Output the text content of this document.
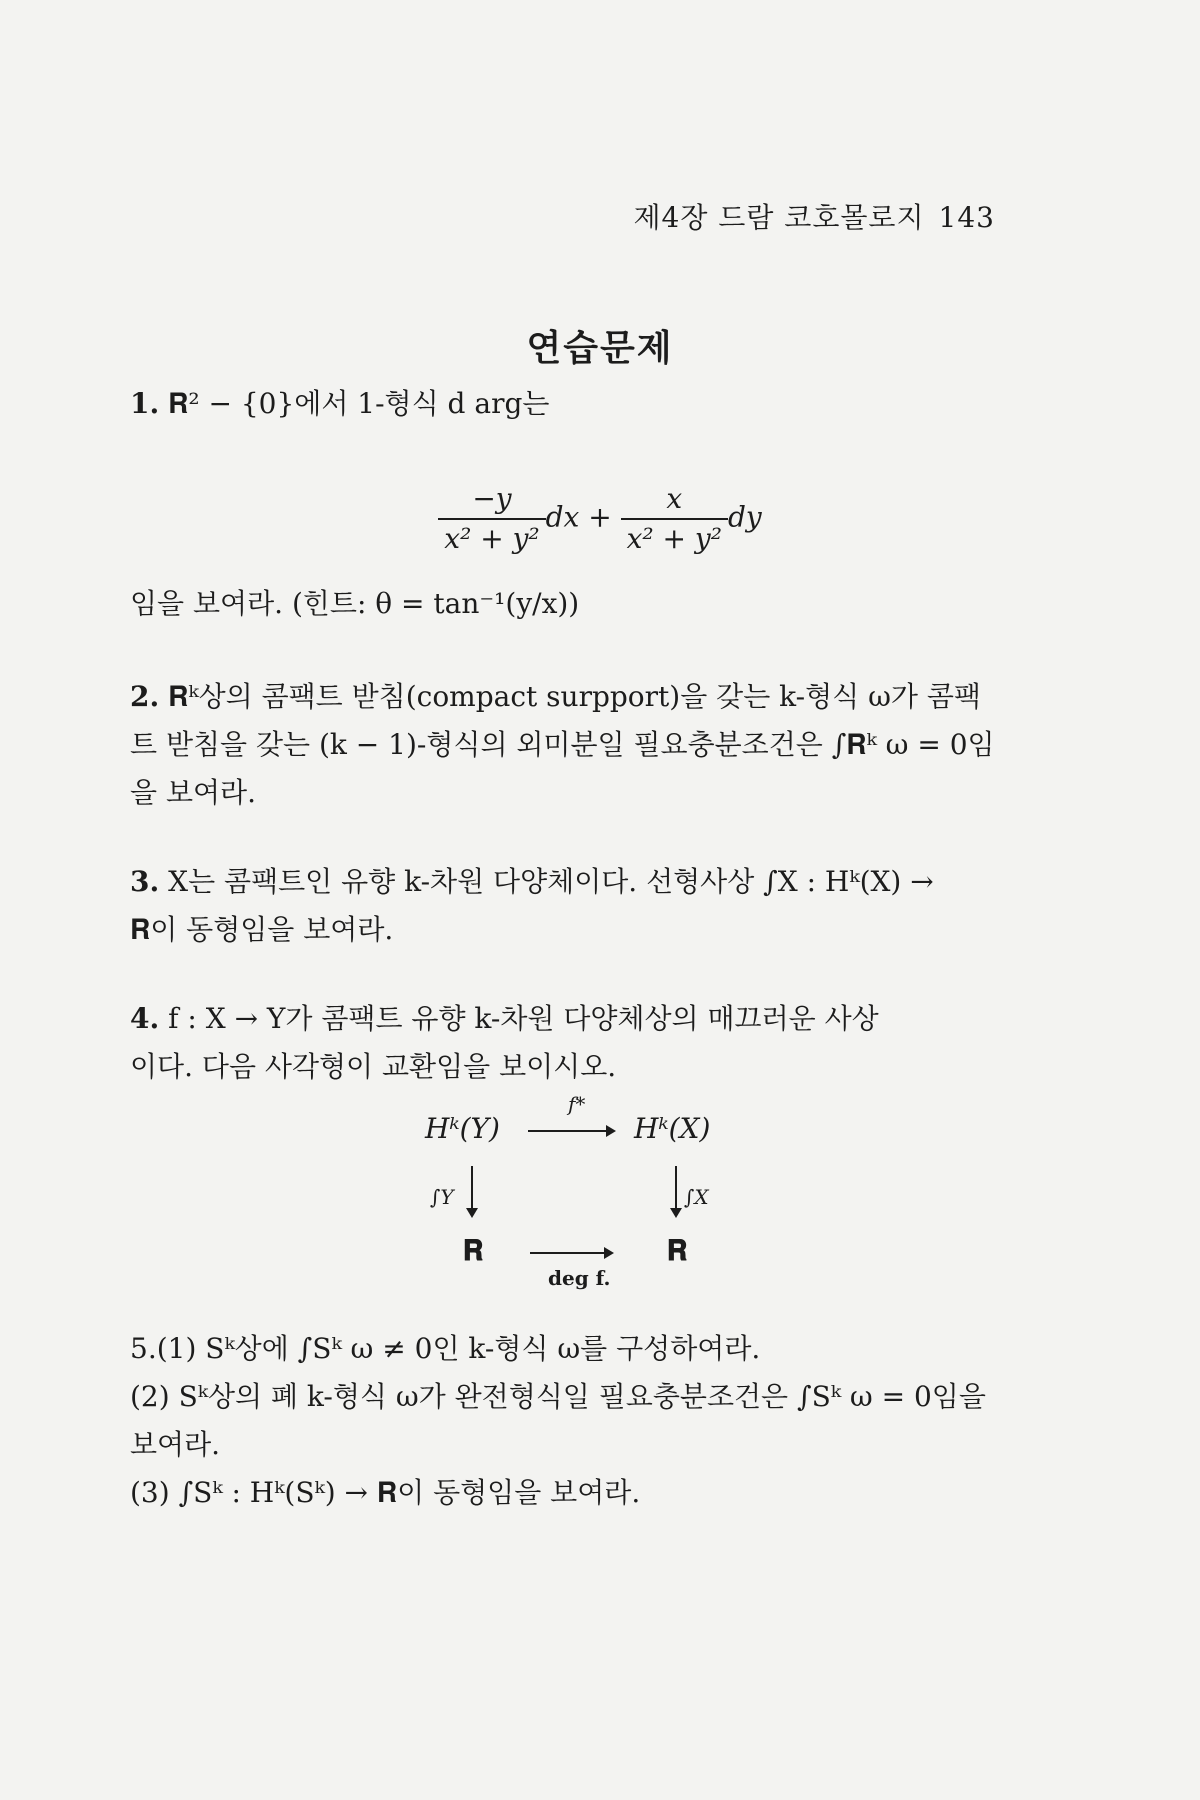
제4장 드람 코호몰로지 143
연습문제
1. 𝐑² − {0}에서 1-형식 d arg는
$\frac{-y}{\text{x² + y²}}$ dx + $\frac{x}{\text{x² + y²}}$ dy
임을 보여라. (힌트: θ = tan⁻¹(y/x))
2. 𝐑ᵏ상의 콤팩트 받침(compact surpport)을 갖는 k-형식 ω가 콤팩
트 받침을 갖는 (k − 1)-형식의 외미분일 필요충분조건은 ∫𝐑ᵏ ω = 0임
을 보여라.
3. X는 콤팩트인 유향 k-차원 다양체이다. 선형사상 ∫X : Hᵏ(X) →
𝐑이 동형임을 보여라.
4. f : X → Y가 콤팩트 유향 k-차원 다양체상의 매끄러운 사상
이다. 다음 사각형이 교환임을 보이시오.
Hᵏ(Y)
f*
Hᵏ(X)
∫Y	∫X
𝐑	𝐑
deg f.
5.(1) Sᵏ상에 ∫Sᵏ ω ≠ 0인 k-형식 ω를 구성하여라.
(2) Sᵏ상의 폐 k-형식 ω가 완전형식일 필요충분조건은 ∫Sᵏ ω = 0임을
보여라.
(3) ∫Sᵏ : Hᵏ(Sᵏ) → 𝐑이 동형임을 보여라.
